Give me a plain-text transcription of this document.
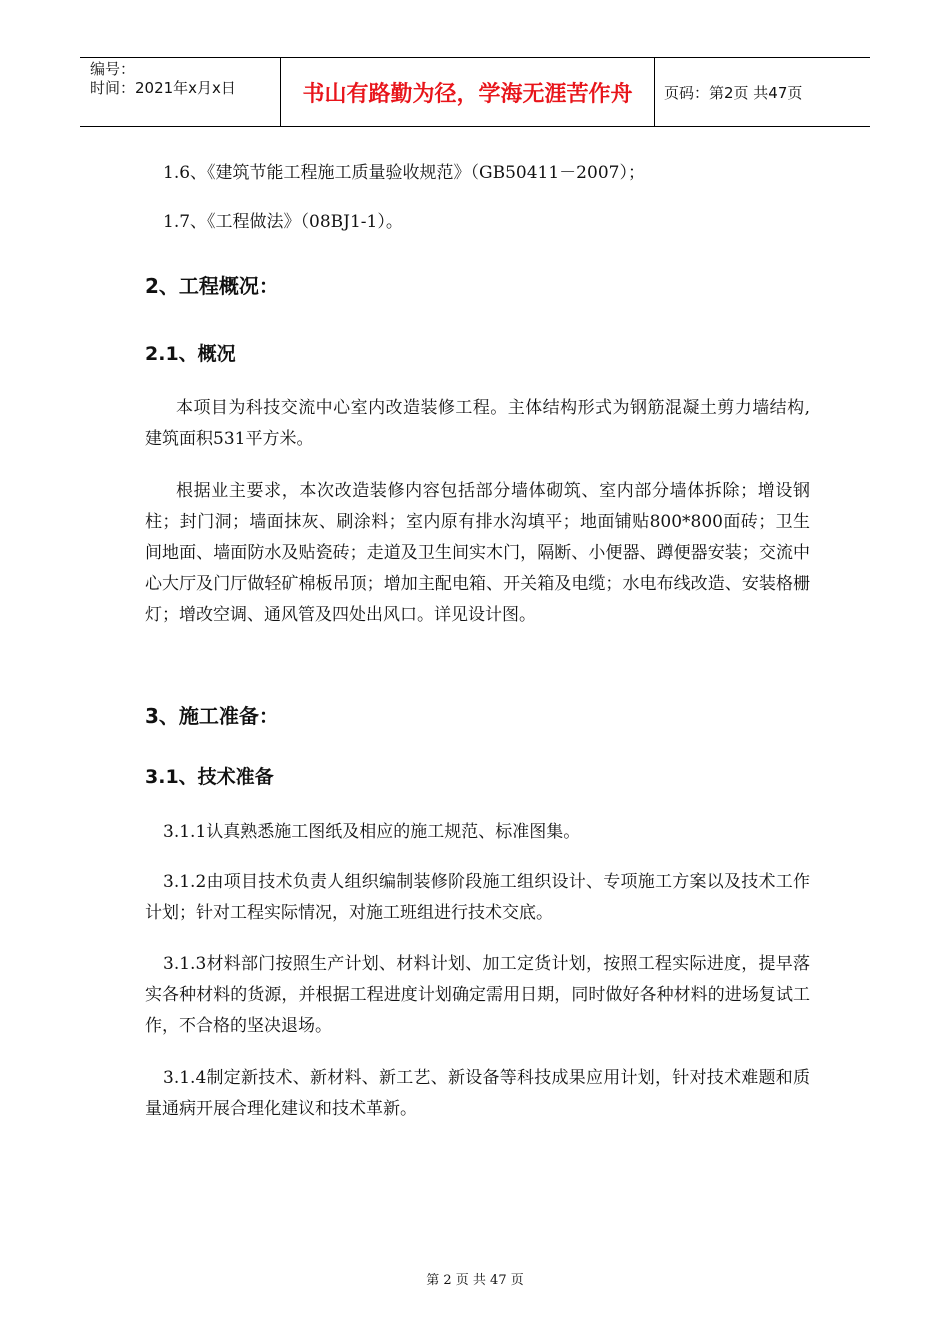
编号：
时间：2021年x月x日	书山有路勤为径，学海无涯苦作舟	页码：第2页 共47页
1.6、《建筑节能工程施工质量验收规范》（GB50411－2007）；
1.7、《工程做法》（08BJ1-1）。
2、工程概况：
2.1、概况
本项目为科技交流中心室内改造装修工程。主体结构形式为钢筋混凝土剪力墙结构,建筑面积531平方米。
根据业主要求，本次改造装修内容包括部分墙体砌筑、室内部分墙体拆除；增设钢柱；封门洞；墙面抹灰、刷涂料；室内原有排水沟填平；地面铺贴800*800面砖；卫生间地面、墙面防水及贴瓷砖；走道及卫生间实木门，隔断、小便器、蹲便器安装；交流中心大厅及门厅做轻矿棉板吊顶；增加主配电箱、开关箱及电缆；水电布线改造、安装格栅灯；增改空调、通风管及四处出风口。详见设计图。
3、施工准备：
3.1、技术准备
3.1.1认真熟悉施工图纸及相应的施工规范、标准图集。
3.1.2由项目技术负责人组织编制装修阶段施工组织设计、专项施工方案以及技术工作计划；针对工程实际情况，对施工班组进行技术交底。
3.1.3材料部门按照生产计划、材料计划、加工定货计划，按照工程实际进度，提早落实各种材料的货源，并根据工程进度计划确定需用日期，同时做好各种材料的进场复试工作，不合格的坚决退场。
3.1.4制定新技术、新材料、新工艺、新设备等科技成果应用计划，针对技术难题和质量通病开展合理化建议和技术革新。
第 2 页 共 47 页
